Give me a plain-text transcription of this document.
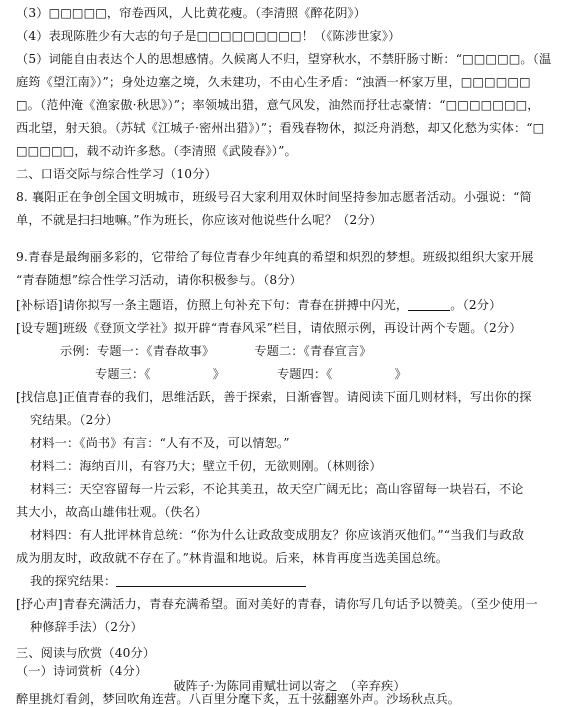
（3）□□□□□，帘卷西风，人比黄花瘦。（李清照《醉花阴》）
（4）表现陈胜少有大志的句子是□□□□□□□□□！（《陈涉世家》）
（5）词能自由表达个人的思想感情。久候离人不归，望穿秋水，不禁肝肠寸断：“□□□□□。（温
庭筠《望江南》）”；身处边塞之境，久未建功，不由心生矛盾：“浊酒一杯家万里，□□□□□□
□。（范仲淹《渔家傲·秋思》）”；率领城出猎，意气风发，油然而抒壮志豪情：“□□□□□□□，
西北望，射天狼。（苏轼《江城子·密州出猎》）”；看残春物休，拟泛舟消愁，却又化愁为实体：“□
□□□□□，载不动许多愁。（李清照《武陵春》）”。
二、口语交际与综合性学习（10分）
8. 襄阳正在争创全国文明城市，班级号召大家利用双休时间坚持参加志愿者活动。小强说：“简
单，不就是扫扫地嘛。”作为班长，你应该对他说些什么呢？（2分）
9.青春是最绚丽多彩的，它带给了每位青春少年纯真的希望和炽烈的梦想。班级拟组织大家开展
“青春随想”综合性学习活动，请你积极参与。（8分）
[补标语]请你拟写一条主题语，仿照上句补充下句：青春在拼搏中闪光，	。（2分）
[设专题]班级《登顶文学社》拟开辟“青春风采”栏目，请依照示例，再设计两个专题。（2分）
示例：专题一：《青春故事》	专题二：《青春宣言》
专题三：《	》	专题四：《	》
[找信息]正值青春的我们，思维活跃，善于探索，日渐睿智。请阅读下面几则材料，写出你的探
究结果。（2分）
材料一：《尚书》有言：“人有不及，可以情恕。”
材料二：海纳百川，有容乃大；壁立千仞，无欲则刚。（林则徐）
材料三：天空容留每一片云彩，不论其美丑，故天空广阔无比；高山容留每一块岩石，不论
其大小，故高山雄伟壮观。（佚名）
材料四：有人批评林肯总统：“你为什么让政敌变成朋友？你应该消灭他们。”“当我们与政敌
成为朋友时，政敌就不存在了。”林肯温和地说。后来，林肯再度当选美国总统。
我的探究结果：
[抒心声]青春充满活力，青春充满希望。面对美好的青春，请你写几句话予以赞美。（至少使用一
种修辞手法）（2分）
三、阅读与欣赏（40分）
（一）诗词赏析（4分）
破阵子·为陈同甫赋壮词以寄之　（辛弃疾）
醉里挑灯看剑，梦回吹角连营。八百里分麾下炙，五十弦翻塞外声。沙场秋点兵。
